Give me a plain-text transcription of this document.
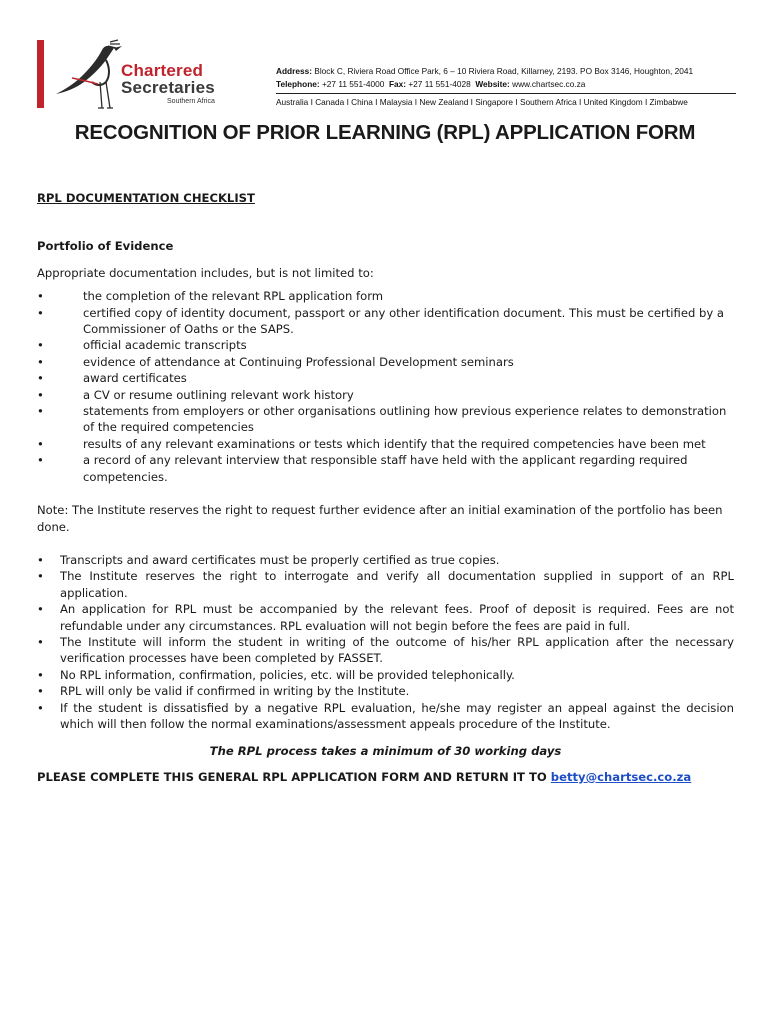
Chartered
Secretaries
Southern Africa
Address: Block C, Riviera Road Office Park, 6 – 10 Riviera Road, Killarney, 2193. PO Box 3146, Houghton, 2041
Telephone: +27 11 551-4000 Fax: +27 11 551-4028 Website: www.chartsec.co.za
Australia I Canada I China I Malaysia I New Zealand I Singapore I Southern Africa I United Kingdom I Zimbabwe
RECOGNITION OF PRIOR LEARNING (RPL) APPLICATION FORM
RPL DOCUMENTATION CHECKLIST
Portfolio of Evidence
Appropriate documentation includes, but is not limited to:
• the completion of the relevant RPL application form
• certified copy of identity document, passport or any other identification document. This must be certified by a Commissioner of Oaths or the SAPS.
• official academic transcripts
• evidence of attendance at Continuing Professional Development seminars
• award certificates
• a CV or resume outlining relevant work history
• statements from employers or other organisations outlining how previous experience relates to demonstration of the required competencies
• results of any relevant examinations or tests which identify that the required competencies have been met
• a record of any relevant interview that responsible staff have held with the applicant regarding required competencies.
Note: The Institute reserves the right to request further evidence after an initial examination of the portfolio has been done.
• Transcripts and award certificates must be properly certified as true copies.
• The Institute reserves the right to interrogate and verify all documentation supplied in support of an RPL application.
• An application for RPL must be accompanied by the relevant fees. Proof of deposit is required. Fees are not refundable under any circumstances. RPL evaluation will not begin before the fees are paid in full.
• The Institute will inform the student in writing of the outcome of his/her RPL application after the necessary verification processes have been completed by FASSET.
• No RPL information, confirmation, policies, etc. will be provided telephonically.
• RPL will only be valid if confirmed in writing by the Institute.
• If the student is dissatisfied by a negative RPL evaluation, he/she may register an appeal against the decision which will then follow the normal examinations/assessment appeals procedure of the Institute.
The RPL process takes a minimum of 30 working days
PLEASE COMPLETE THIS GENERAL RPL APPLICATION FORM AND RETURN IT TO betty@chartsec.co.za
